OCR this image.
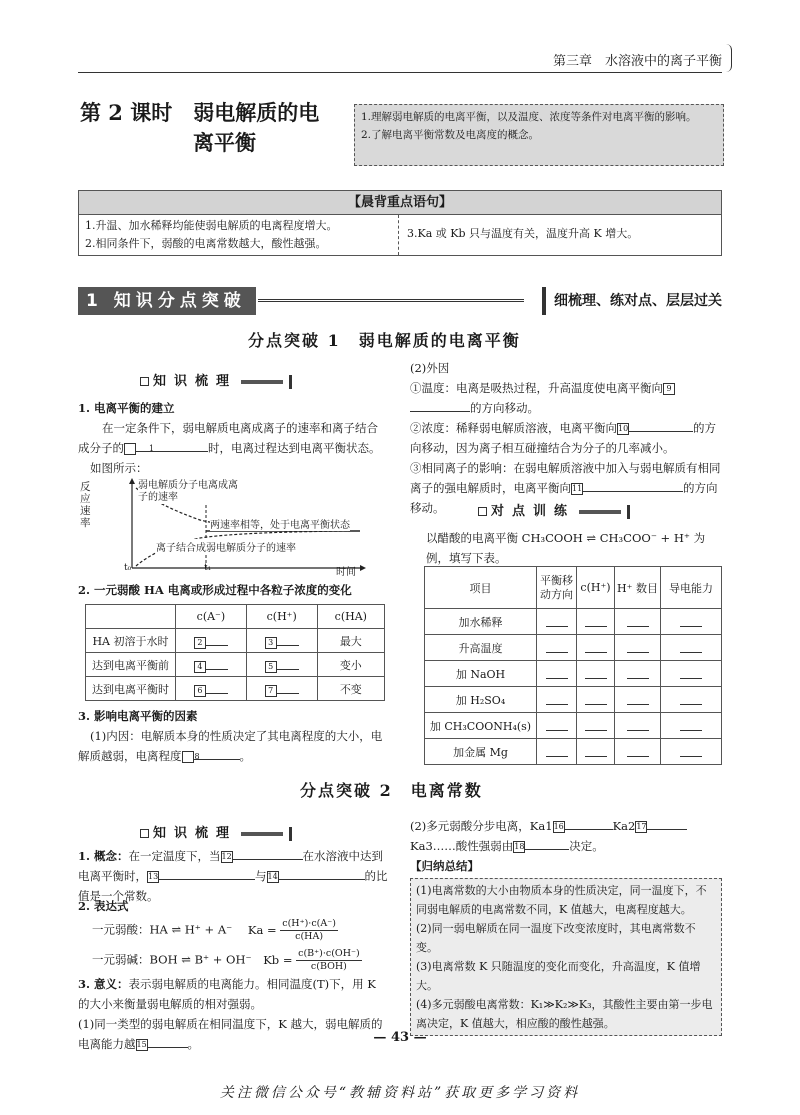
第三章　水溶液中的离子平衡
第 2 课时　弱电解质的电
离平衡
1.理解弱电解质的电离平衡，以及温度、浓度等条件对电离平衡的影响。
2.了解电离平衡常数及电离度的概念。
【晨背重点语句】
1.升温、加水稀释均能使弱电解质的电离程度增大。
2.相同条件下，弱酸的电离常数越大，酸性越强。
3.Ka 或 Kb 只与温度有关，温度升高 K 增大。
1 知识分点突破	细梳理、练对点、层层过关
分点突破 1　弱电解质的电离平衡
知识梳理
1. 电离平衡的建立
在一定条件下，弱电解质电离成离子的速率和离子结合成分子的	1	时，电离过程达到电离平衡状态。
如图所示：
反应速率
弱电解质分子电离成离子的速率
两速率相等，处于电离平衡状态
离子结合成弱电解质分子的速率
t₀	t₁	时间
2. 一元弱酸 HA 电离或形成过程中各粒子浓度的变化
	c(A⁻)	c(H⁺)	c(HA)
HA 初溶于水时	2	3	最大
达到电离平衡前	4	5	变小
达到电离平衡时	6	7	不变
3. 影响电离平衡的因素
(1)内因：电解质本身的性质决定了其电离程度的大小，电解质越弱，电离程度 8	。
(2)外因
①温度：电离是吸热过程，升高温度使电离平衡向 9的方向移动。
②浓度：稀释弱电解质溶液，电离平衡向10	的方向移动，因为离子相互碰撞结合为分子的几率减小。
③相同离子的影响：在弱电解质溶液中加入与弱电解质有相同离子的强电解质时，电离平衡向11	的方向移动。	对点训练
以醋酸的电离平衡 CH₃COOH ⇌ CH₃COO⁻ + H⁺ 为例，填写下表。
项目	平衡移动方向	c(H⁺)	H⁺ 数目	导电能力
加水稀释				
升高温度				
加 NaOH				
加 H₂SO₄				
加 CH₃COONH₄(s)				
加金属 Mg				
分点突破 2　电离常数
知识梳理
1. 概念：在一定温度下，当12	在水溶液中达到电离平衡时，13	与14	的比值是一个常数。
2. 表达式
一元弱酸：HA ⇌ H⁺ + A⁻ $Ka = \frac{c(H^+)\cdot c(A^-)}{c(HA)}$
一元弱碱：BOH ⇌ B⁺ + OH⁻ $Kb = \frac{c(B^+)\cdot c(OH^-)}{\text{c(BOH)}}$
3. 意义：表示弱电解质的电离能力。相同温度(T)下，用 K 的大小来衡量弱电解质的相对强弱。
(1)同一类型的弱电解质在相同温度下，K 越大，弱电解质的电离能力越15	。
(2)多元弱酸分步电离，Ka116	Ka217
Ka3……酸性强弱由18	决定。
【归纳总结】
(1)电离常数的大小由物质本身的性质决定，同一温度下，不同弱电解质的电离常数不同，K 值越大，电离程度越大。
(2)同一弱电解质在同一温度下改变浓度时，其电离常数不变。
(3)电离常数 K 只随温度的变化而变化，升高温度，K 值增大。
(4)多元弱酸电离常数：K₁≫K₂≫K₃，其酸性主要由第一步电离决定，K 值越大，相应酸的酸性越强。
— 43 —
关注微信公众号“教辅资料站”获取更多学习资料
